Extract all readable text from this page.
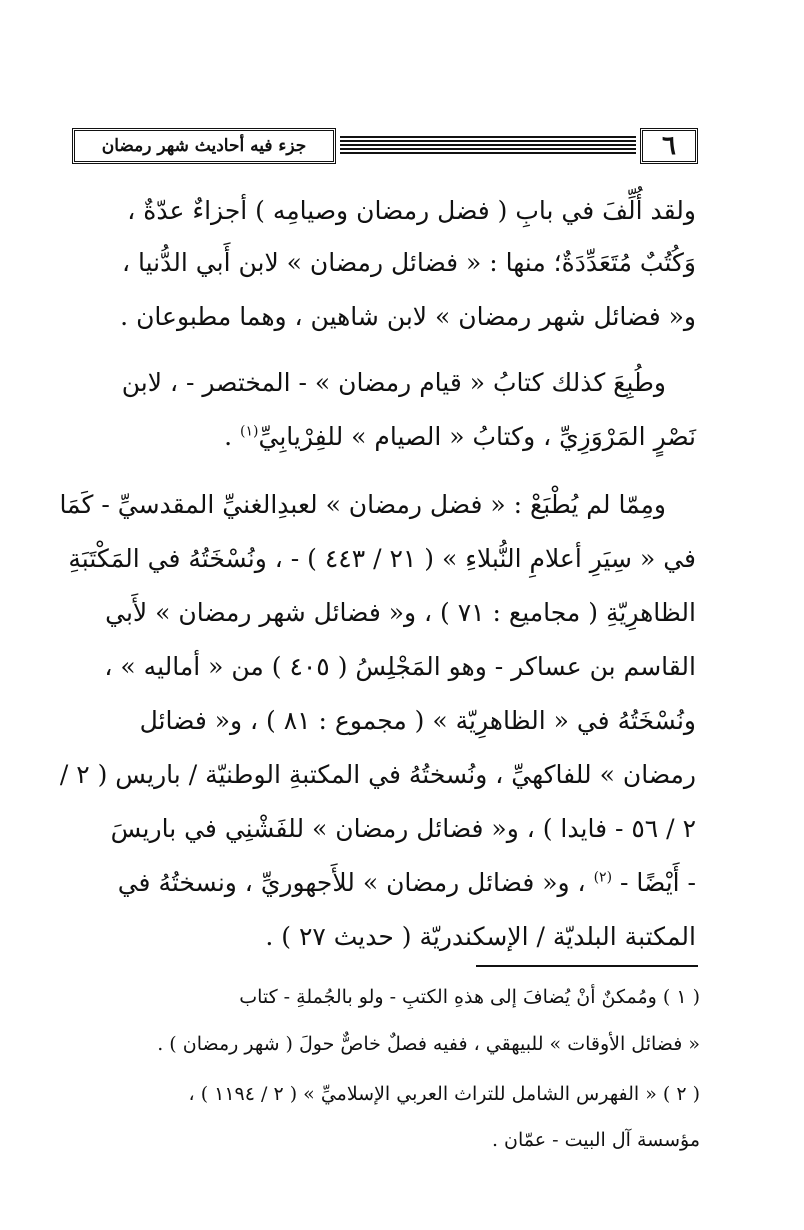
جزء فيه أحاديث شهر رمضان	٦
ولقد أُلِّفَ في بابِ ( فضل رمضان وصيامِه ) أجزاءٌ عدّةٌ ،
وَكُتُبٌ مُتَعَدِّدَةٌ؛ منها : « فضائل رمضان » لابن أَبي الدُّنيا ،
و« فضائل شهر رمضان » لابن شاهين ، وهما مطبوعان .
وطُبِعَ كذلك كتابُ « قيام رمضان » - المختصر - ، لابن
نَصْرٍ المَرْوَزِيِّ ، وكتابُ « الصيام » للفِرْيابِيِّ$^{(١)}$ .
ومِمّا لم يُطْبَعْ : « فضل رمضان » لعبدِالغنيِّ المقدسيِّ - كَمَا
في « سِيَرِ أعلامِ النُّبلاءِ » ( ٢١ / ٤٤٣ ) - ، ونُسْخَتُهُ في المَكْتَبَةِ
الظاهرِيّةِ ( مجاميع : ٧١ ) ، و« فضائل شهر رمضان » لأَبي
القاسم بن عساكر - وهو المَجْلِسُ ( ٤٠٥ ) من « أماليه » ،
ونُسْخَتُهُ في « الظاهرِيّة » ( مجموع : ٨١ ) ، و« فضائل
رمضان » للفاكهيِّ ، ونُسختُهُ في المكتبةِ الوطنيّة / باريس ( ٢ /
٢ / ٥٦ - فايدا ) ، و« فضائل رمضان » للفَشْنِي في باريسَ
- أَيْضًا - $^{(٢)}$ ، و« فضائل رمضان » للأَجهوريِّ ، ونسختُهُ في
المكتبة البلديّة / الإسكندريّة ( حديث ٢٧ ) .
( ١ ) ومُمكنٌ أنْ يُضافَ إلى هذهِ الكتبِ - ولو بالجُملةِ - كتاب
« فضائل الأوقات » للبيهقي ، ففيه فصلٌ خاصٌّ حولَ ( شهر رمضان ) .
( ٢ ) « الفهرس الشامل للتراث العربي الإسلاميِّ » ( ٢ / ١١٩٤ ) ،
مؤسسة آل البيت - عمّان .
